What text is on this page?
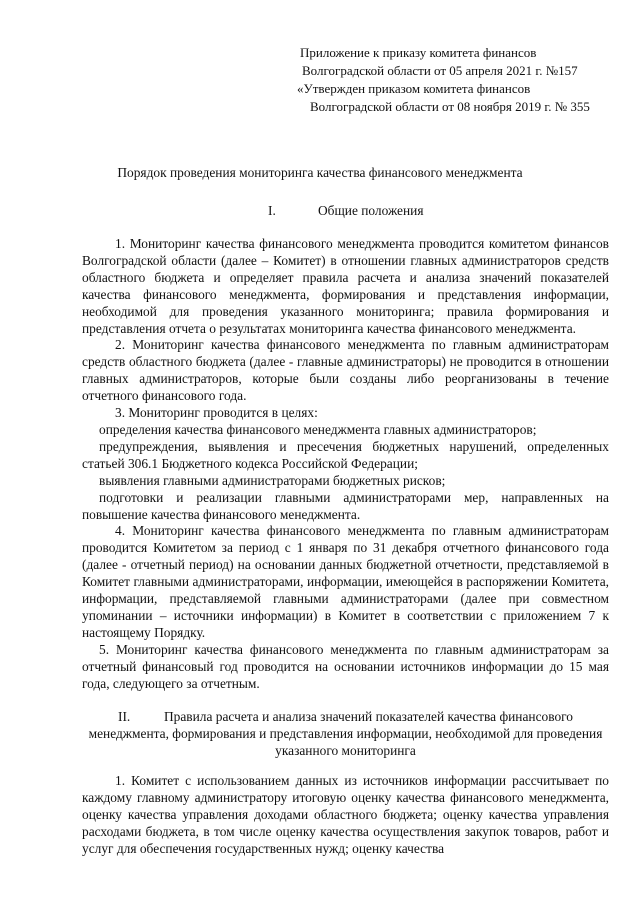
Приложение к приказу комитета финансов
Волгоградской области от 05 апреля 2021 г. №157
«Утвержден приказом комитета финансов
Волгоградской области от 08 ноября 2019 г. № 355
Порядок проведения мониторинга качества финансового менеджмента
I.	Общие положения

1. Мониторинг качества финансового менеджмента проводится комитетом финансов Волгоградской области (далее – Комитет) в отношении главных администраторов средств областного бюджета и определяет правила расчета и анализа значений показателей качества финансового менеджмента, формирования и представления информации, необходимой для проведения указанного мониторинга; правила формирования и представления отчета о результатах мониторинга качества финансового менеджмента.

2. Мониторинг качества финансового менеджмента по главным администраторам средств областного бюджета (далее - главные администраторы) не проводится в отношении главных администраторов, которые были созданы либо реорганизованы в течение отчетного финансового года.

3. Мониторинг проводится в целях:

определения качества финансового менеджмента главных администраторов;

предупреждения, выявления и пресечения бюджетных нарушений, определенных статьей 306.1 Бюджетного кодекса Российской Федерации;

выявления главными администраторами бюджетных рисков;

подготовки и реализации главными администраторами мер, направленных на повышение качества финансового менеджмента.

4. Мониторинг качества финансового менеджмента по главным администраторам проводится Комитетом за период с 1 января по 31 декабря отчетного финансового года (далее - отчетный период) на основании данных бюджетной отчетности, представляемой в Комитет главными администраторами, информации, имеющейся в распоряжении Комитета, информации, представляемой главными администраторами (далее при совместном упоминании – источники информации) в Комитет в соответствии с приложением 7 к настоящему Порядку.

5. Мониторинг качества финансового менеджмента по главным администраторам за отчетный финансовый год проводится на основании источников информации до 15 мая года, следующего за отчетным.

II.	Правила расчета и анализа значений показателей качества финансового менеджмента, формирования и представления информации, необходимой для проведения указанного мониторинга

1. Комитет с использованием данных из источников информации рассчитывает по каждому главному администратору итоговую оценку качества финансового менеджмента, оценку качества управления доходами областного бюджета; оценку качества управления расходами бюджета, в том числе оценку качества осуществления закупок товаров, работ и услуг для обеспечения государственных нужд; оценку качества
